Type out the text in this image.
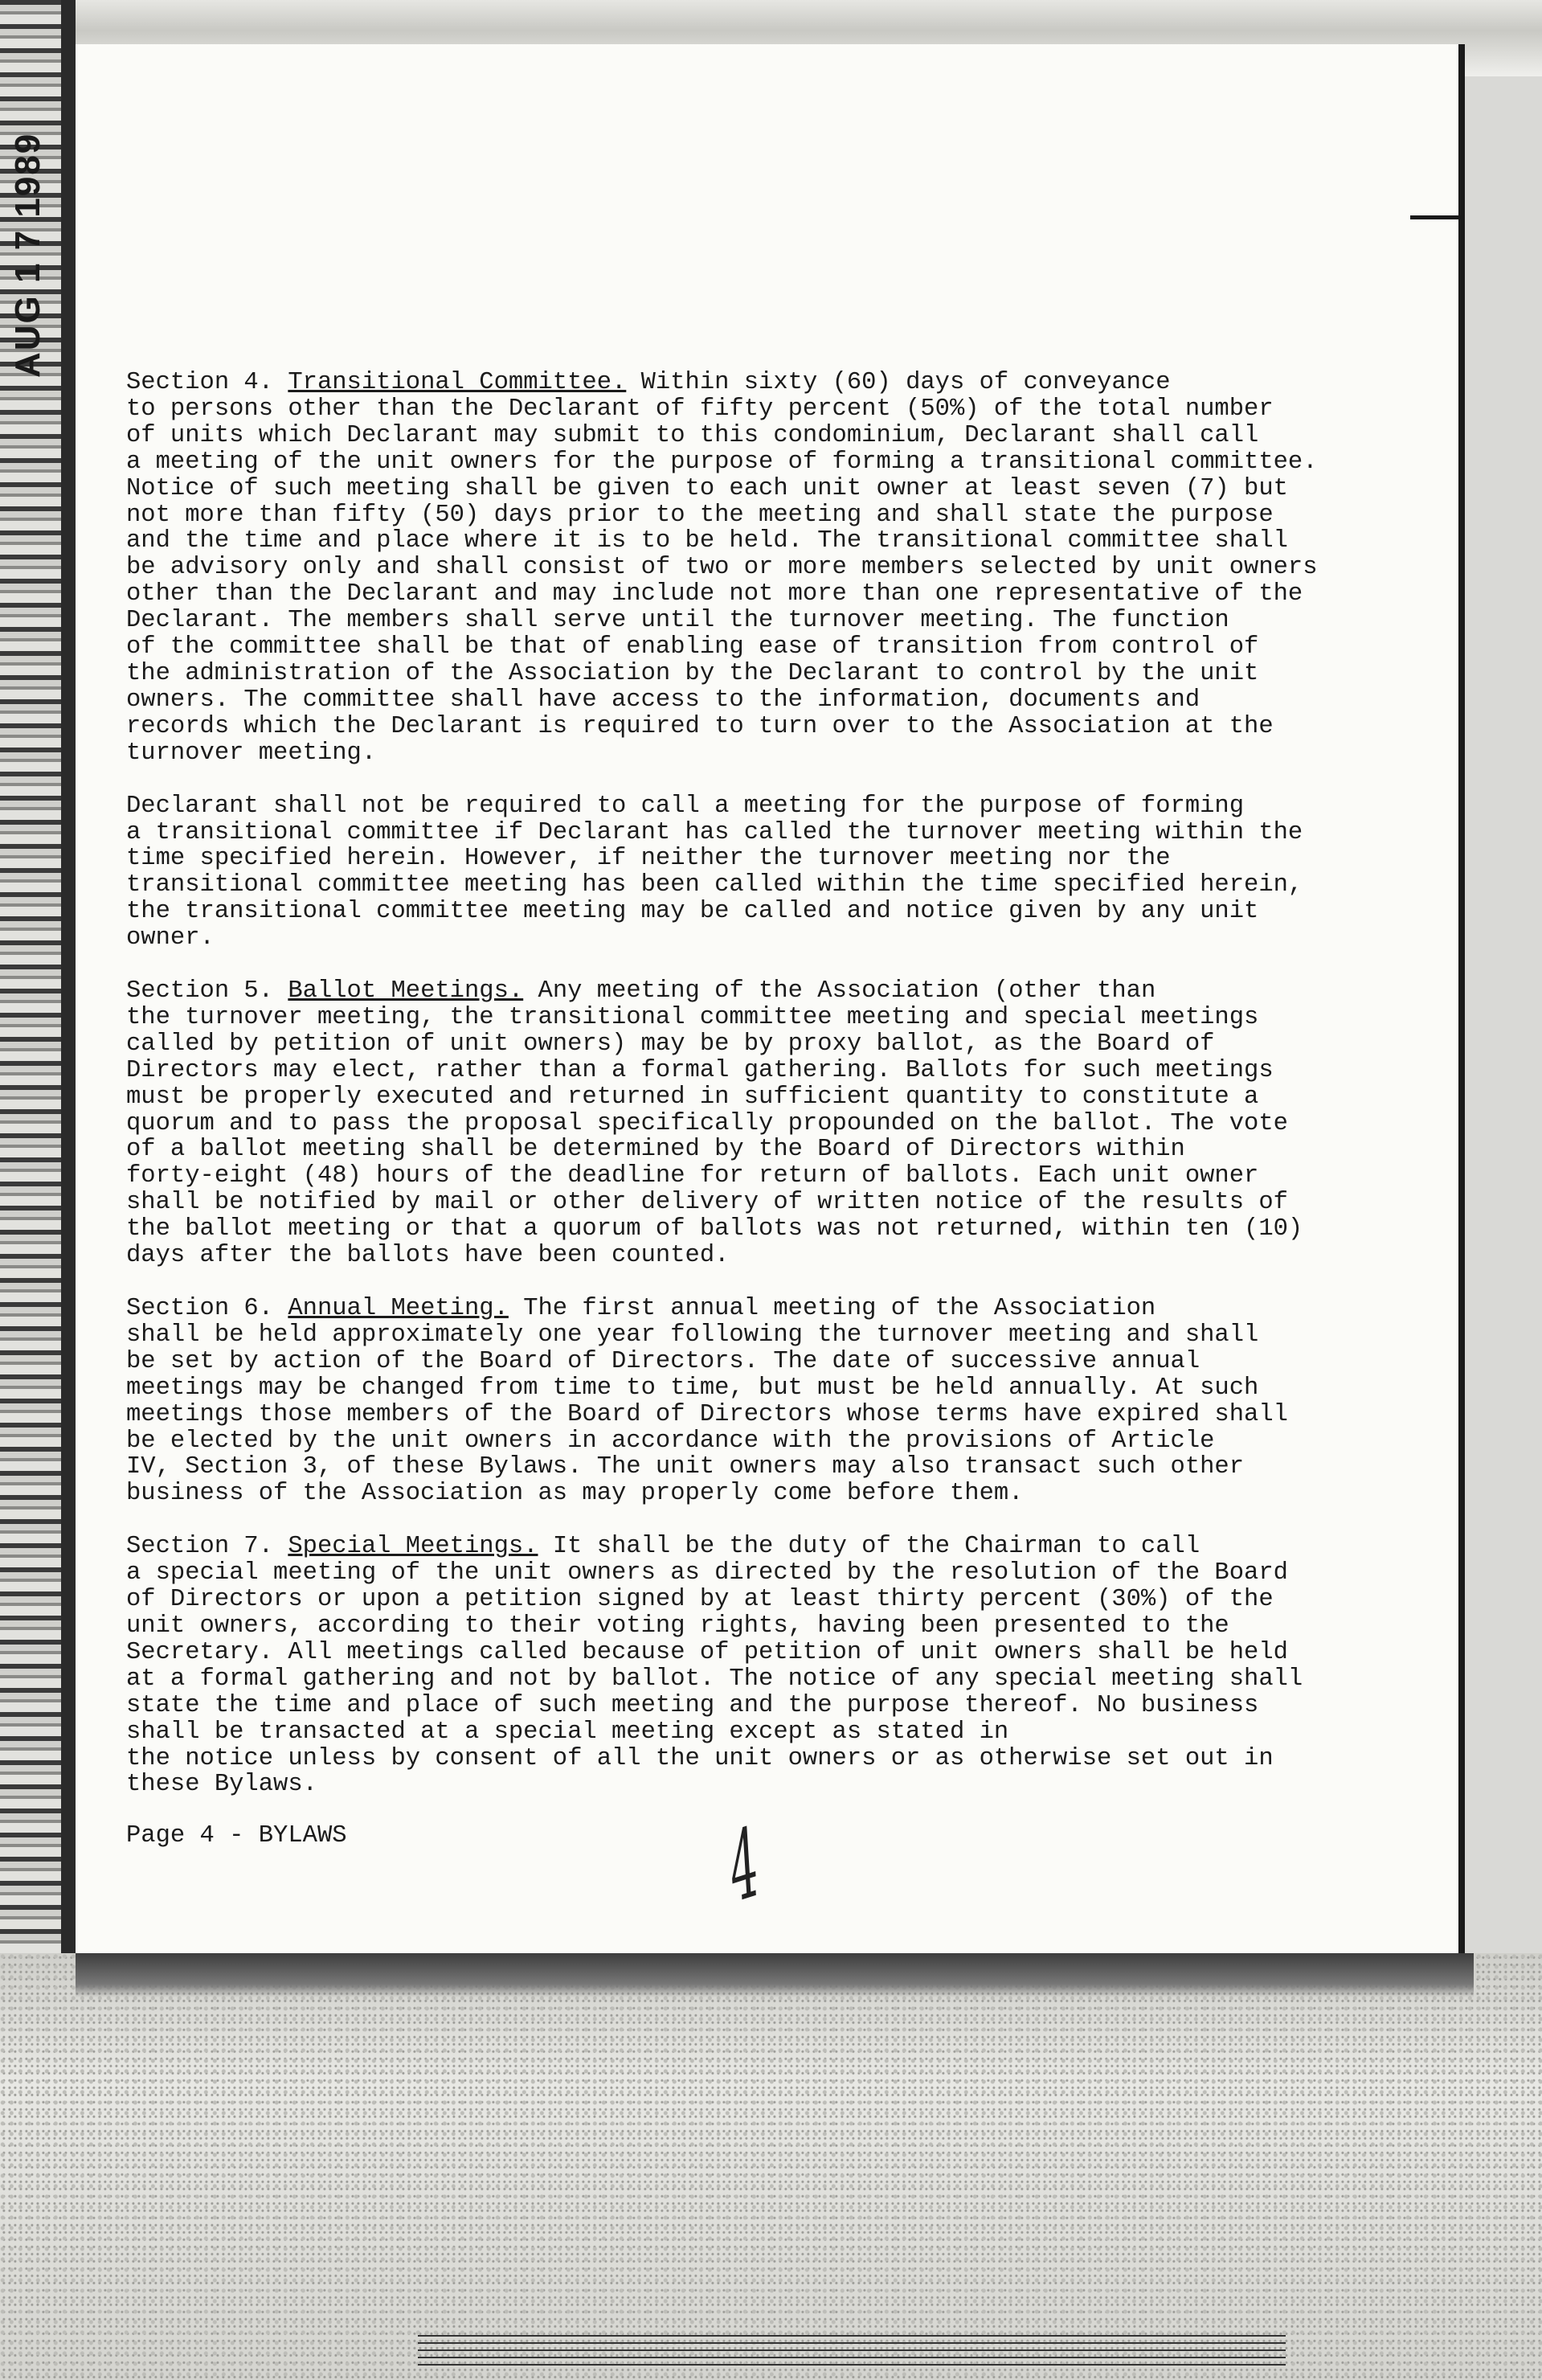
AUG 1 7 1989

Section 4. Transitional Committee. Within sixty (60) days of conveyance
to persons other than the Declarant of fifty percent (50%) of the total number
of units which Declarant may submit to this condominium, Declarant shall call
a meeting of the unit owners for the purpose of forming a transitional committee.
Notice of such meeting shall be given to each unit owner at least seven (7) but
not more than fifty (50) days prior to the meeting and shall state the purpose
and the time and place where it is to be held. The transitional committee shall
be advisory only and shall consist of two or more members selected by unit owners
other than the Declarant and may include not more than one representative of the
Declarant. The members shall serve until the turnover meeting. The function
of the committee shall be that of enabling ease of transition from control of
the administration of the Association by the Declarant to control by the unit
owners. The committee shall have access to the information, documents and
records which the Declarant is required to turn over to the Association at the
turnover meeting.

Declarant shall not be required to call a meeting for the purpose of forming
a transitional committee if Declarant has called the turnover meeting within the
time specified herein. However, if neither the turnover meeting nor the
transitional committee meeting has been called within the time specified herein,
the transitional committee meeting may be called and notice given by any unit
owner.

Section 5. Ballot Meetings. Any meeting of the Association (other than
the turnover meeting, the transitional committee meeting and special meetings
called by petition of unit owners) may be by proxy ballot, as the Board of
Directors may elect, rather than a formal gathering. Ballots for such meetings
must be properly executed and returned in sufficient quantity to constitute a
quorum and to pass the proposal specifically propounded on the ballot. The vote
of a ballot meeting shall be determined by the Board of Directors within
forty-eight (48) hours of the deadline for return of ballots. Each unit owner
shall be notified by mail or other delivery of written notice of the results of
the ballot meeting or that a quorum of ballots was not returned, within ten (10)
days after the ballots have been counted.

Section 6. Annual Meeting. The first annual meeting of the Association
shall be held approximately one year following the turnover meeting and shall
be set by action of the Board of Directors. The date of successive annual
meetings may be changed from time to time, but must be held annually. At such
meetings those members of the Board of Directors whose terms have expired shall
be elected by the unit owners in accordance with the provisions of Article
IV, Section 3, of these Bylaws. The unit owners may also transact such other
business of the Association as may properly come before them.

Section 7. Special Meetings. It shall be the duty of the Chairman to call
a special meeting of the unit owners as directed by the resolution of the Board
of Directors or upon a petition signed by at least thirty percent (30%) of the
unit owners, according to their voting rights, having been presented to the
Secretary. All meetings called because of petition of unit owners shall be held
at a formal gathering and not by ballot. The notice of any special meeting shall
state the time and place of such meeting and the purpose thereof. No business
shall be transacted at a special meeting except as stated in
the notice unless by consent of all the unit owners or as otherwise set out in
these Bylaws.

Page 4 - BYLAWS	4
